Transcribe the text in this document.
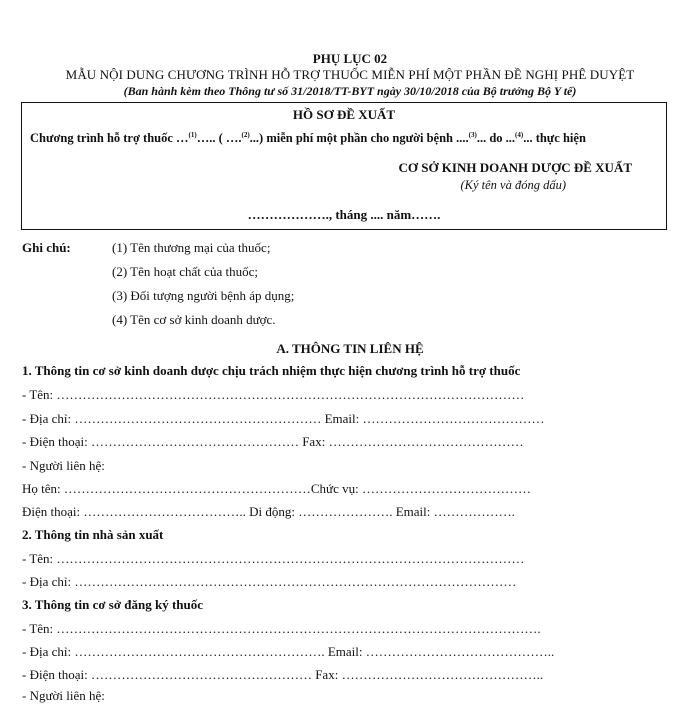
PHỤ LỤC 02
MẪU NỘI DUNG CHƯƠNG TRÌNH HỖ TRỢ THUỐC MIỄN PHÍ MỘT PHẦN ĐỀ NGHỊ PHÊ DUYỆT
(Ban hành kèm theo Thông tư số 31/2018/TT-BYT ngày 30/10/2018 của Bộ trưởng Bộ Y tế)
HỒ SƠ ĐỀ XUẤT
Chương trình hỗ trợ thuốc …$^{(1)}$….. ( ….$^{(2)}$...) miễn phí một phần cho người bệnh ....$^{(3)}$... do ...$^{(4)}$... thực hiện
CƠ SỞ KINH DOANH DƯỢC ĐỀ XUẤT
(Ký tên và đóng dấu)
………………., tháng .... năm…….
Ghi chú:	(1) Tên thương mại của thuốc;
(2) Tên hoạt chất của thuốc;
(3) Đối tượng người bệnh áp dụng;
(4) Tên cơ sở kinh doanh dược.
A. THÔNG TIN LIÊN HỆ
1. Thông tin cơ sở kinh doanh dược chịu trách nhiệm thực hiện chương trình hỗ trợ thuốc
- Tên: ………………………………………………………………………………………………
- Địa chỉ: ………………………………………………… Email: ……………………………………
- Điện thoại: ………………………………………… Fax: ………………………………………
- Người liên hệ:
Họ tên: …………………………………………………Chức vụ: …………………………………
Điện thoại: ……………………………….. Di động: …………………. Email: ……………….
2. Thông tin nhà sản xuất
- Tên: ………………………………………………………………………………………………
- Địa chỉ: …………………………………………………………………………………………
3. Thông tin cơ sở đăng ký thuốc
- Tên: ………………………………………………………………………………………………….
- Địa chỉ: …………………………………………………. Email: ……………………………………..
- Điện thoại: …………………………………………… Fax: ………………………………………..
- Người liên hệ:
